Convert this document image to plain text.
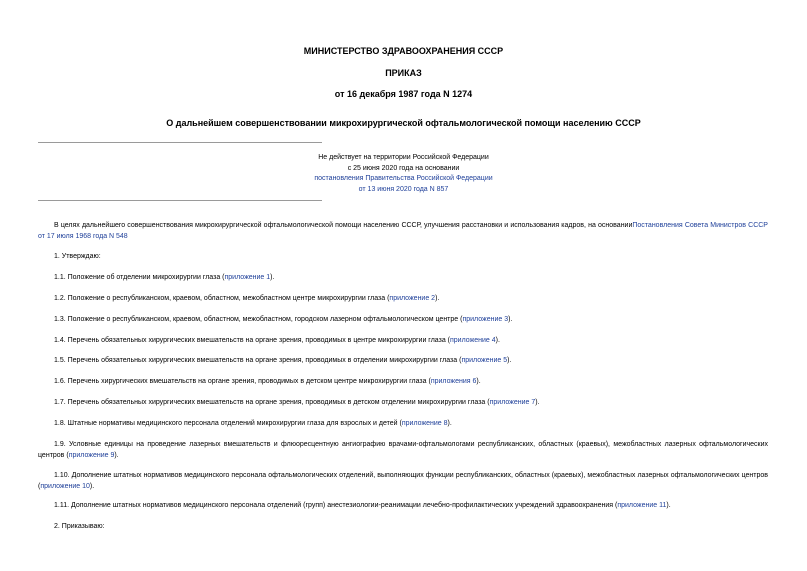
МИНИСТЕРСТВО ЗДРАВООХРАНЕНИЯ СССР
ПРИКАЗ
от 16 декабря 1987 года N 1274
О дальнейшем совершенствовании микрохирургической офтальмологической помощи населению СССР
Не действует на территории Российской Федерации
с 25 июня 2020 года на основании
постановления Правительства Российской Федерации
от 13 июня 2020 года N 857

В целях дальнейшего совершенствования микрохирургической офтальмологической помощи населению СССР, улучшения расстановки и использования кадров, на основанииПостановления Совета Министров СССР от 17 июля 1968 года N 548

1. Утверждаю:

1.1. Положение об отделении микрохирургии глаза (приложение 1).

1.2. Положение о республиканском, краевом, областном, межобластном центре микрохирургии глаза (приложение 2).

1.3. Положение о республиканском, краевом, областном, межобластном, городском лазерном офтальмологическом центре (приложение 3).

1.4. Перечень обязательных хирургических вмешательств на органе зрения, проводимых в центре микрохирургии глаза (приложение 4).

1.5. Перечень обязательных хирургических вмешательств на органе зрения, проводимых в отделении микрохирургии глаза (приложение 5).

1.6. Перечень хирургических вмешательств на органе зрения, проводимых в детском центре микрохирургии глаза (приложения 6).

1.7. Перечень обязательных хирургических вмешательств на органе зрения, проводимых в детском отделении микрохирургии глаза (приложение 7).

1.8. Штатные нормативы медицинского персонала отделений микрохирургии глаза для взрослых и детей (приложение 8).

1.9. Условные единицы на проведение лазерных вмешательств и флюоресцентную ангиографию врачами-офтальмологами республиканских, областных (краевых), межобластных лазерных офтальмологических центров (приложение 9).

1.10. Дополнение штатных нормативов медицинского персонала офтальмологических отделений, выполняющих функции республиканских, областных (краевых), межобластных лазерных офтальмологических центров (приложение 10).

1.11. Дополнение штатных нормативов медицинского персонала отделений (групп) анестезиологии-реанимации лечебно-профилактических учреждений здравоохранения (приложение 11).

2. Приказываю:
